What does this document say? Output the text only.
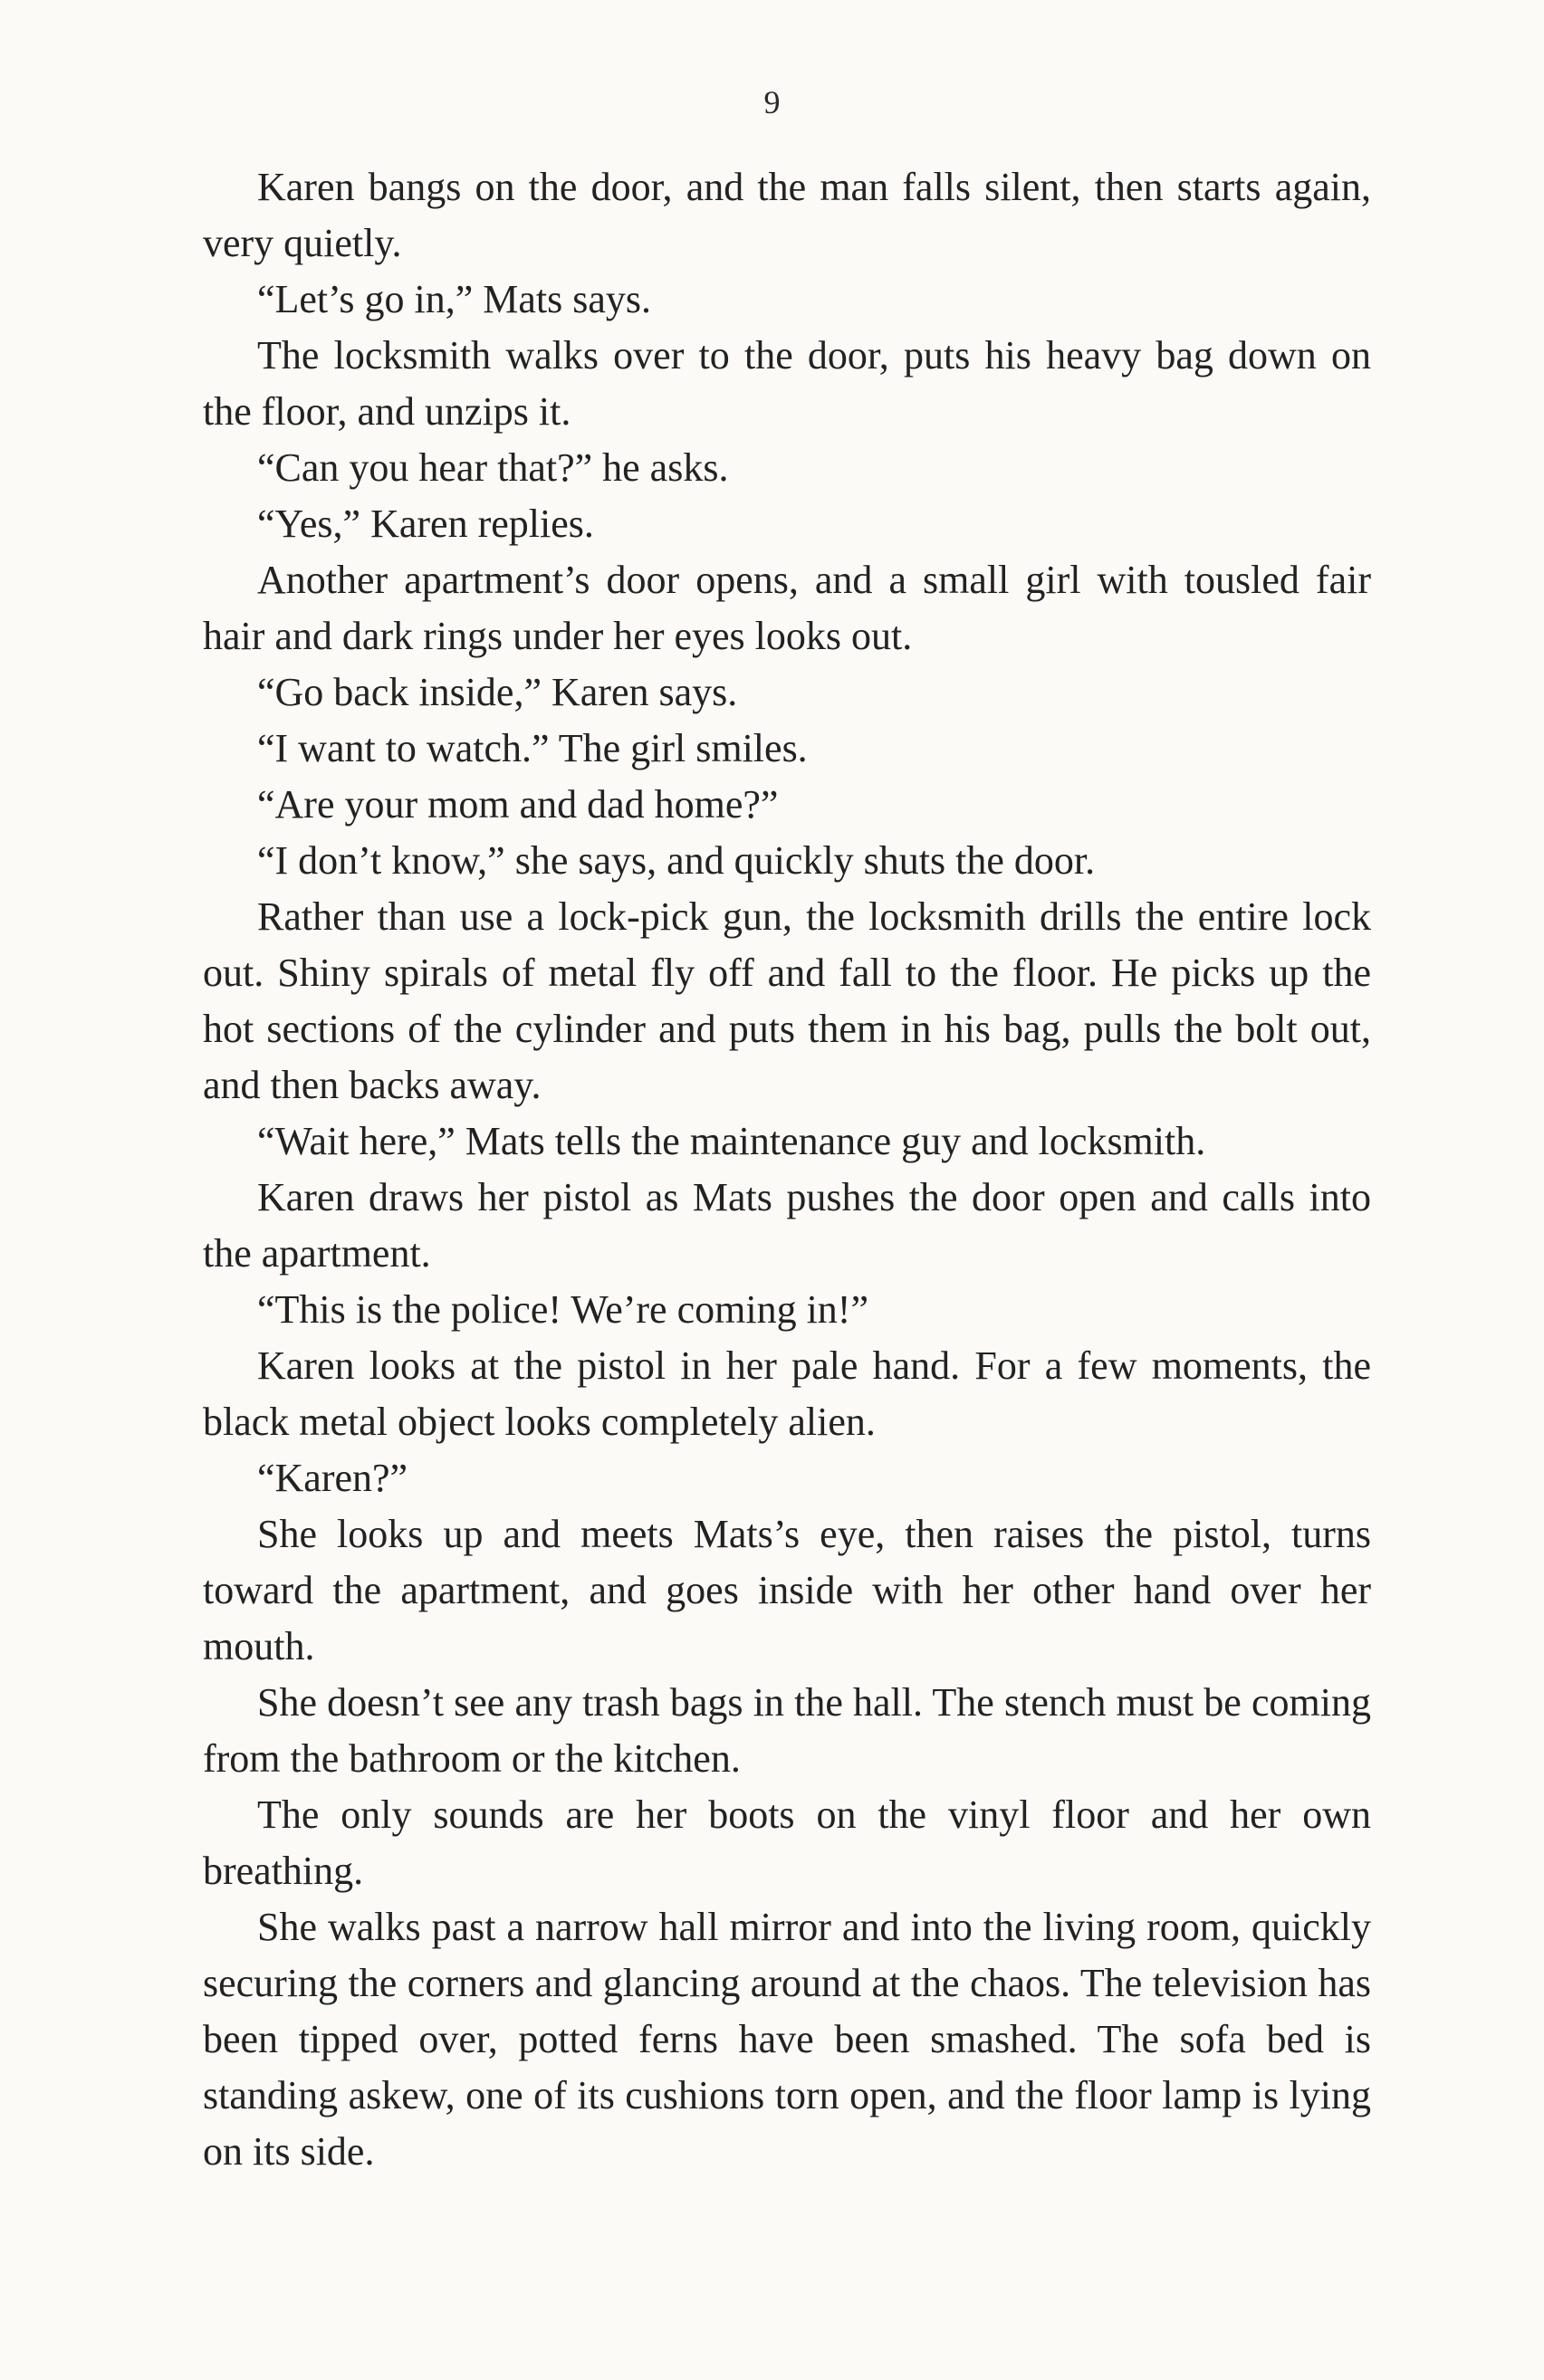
9

Karen bangs on the door, and the man falls silent, then starts again, very quietly.

“Let’s go in,” Mats says.

The locksmith walks over to the door, puts his heavy bag down on the floor, and unzips it.

“Can you hear that?” he asks.

“Yes,” Karen replies.

Another apartment’s door opens, and a small girl with tousled fair hair and dark rings under her eyes looks out.

“Go back inside,” Karen says.

“I want to watch.” The girl smiles.

“Are your mom and dad home?”

“I don’t know,” she says, and quickly shuts the door.

Rather than use a lock-pick gun, the locksmith drills the entire lock out. Shiny spirals of metal fly off and fall to the floor. He picks up the hot sections of the cylinder and puts them in his bag, pulls the bolt out, and then backs away.

“Wait here,” Mats tells the maintenance guy and locksmith.

Karen draws her pistol as Mats pushes the door open and calls into the apartment.

“This is the police! We’re coming in!”

Karen looks at the pistol in her pale hand. For a few moments, the black metal object looks completely alien.

“Karen?”

She looks up and meets Mats’s eye, then raises the pistol, turns toward the apartment, and goes inside with her other hand over her mouth.

She doesn’t see any trash bags in the hall. The stench must be coming from the bathroom or the kitchen.

The only sounds are her boots on the vinyl floor and her own breathing.

She walks past a narrow hall mirror and into the living room, quickly securing the corners and glancing around at the chaos. The television has been tipped over, potted ferns have been smashed. The sofa bed is standing askew, one of its cushions torn open, and the floor lamp is lying on its side.
